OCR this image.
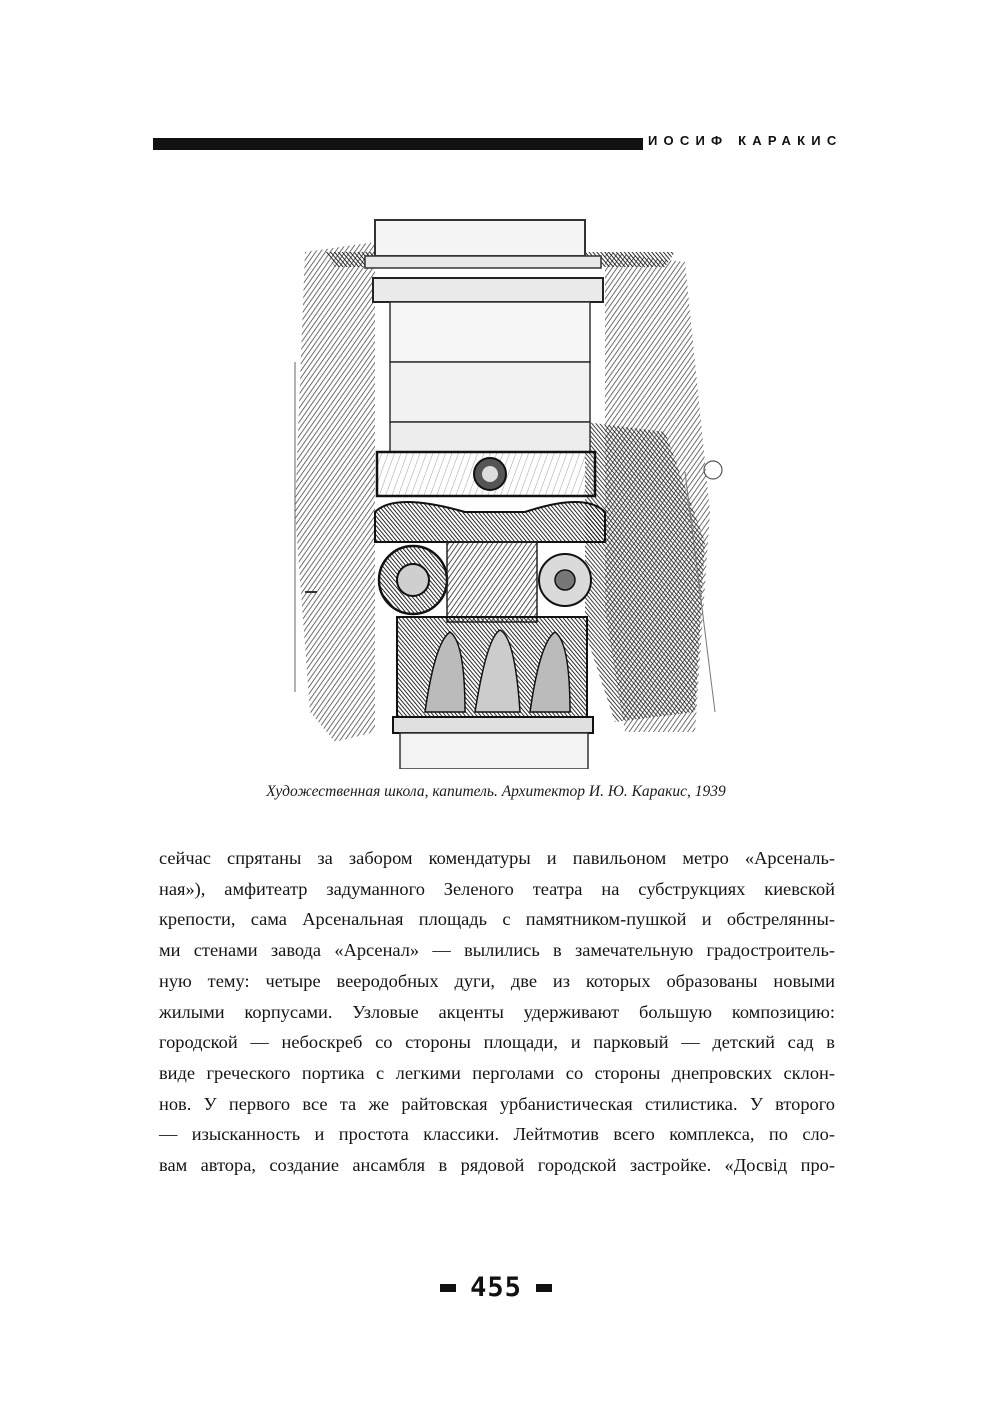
ИОСИФ КАРАКИС
Художественная школа, капитель. Архитектор И. Ю. Каракис, 1939
сейчас спрятаны за забором комендатуры и павильоном метро «Арсеналь-
ная»), амфитеатр задуманного Зеленого театра на субструкциях киевской
крепости, сама Арсенальная площадь с памятником-пушкой и обстрелянны-
ми стенами завода «Арсенал» — вылились в замечательную градостроитель-
ную тему: четыре вееродобных дуги, две из которых образованы новыми
жилыми корпусами. Узловые акценты удерживают большую композицию:
городской — небоскреб со стороны площади, и парковый — детский сад в
виде греческого портика с легкими перголами со стороны днепровских склон-
нов. У первого все та же райтовская урбанистическая стилистика. У второго
— изысканность и простота классики. Лейтмотив всего комплекса, по сло-
вам автора, создание ансамбля в рядовой городской застройке. «Досвід про-
455
